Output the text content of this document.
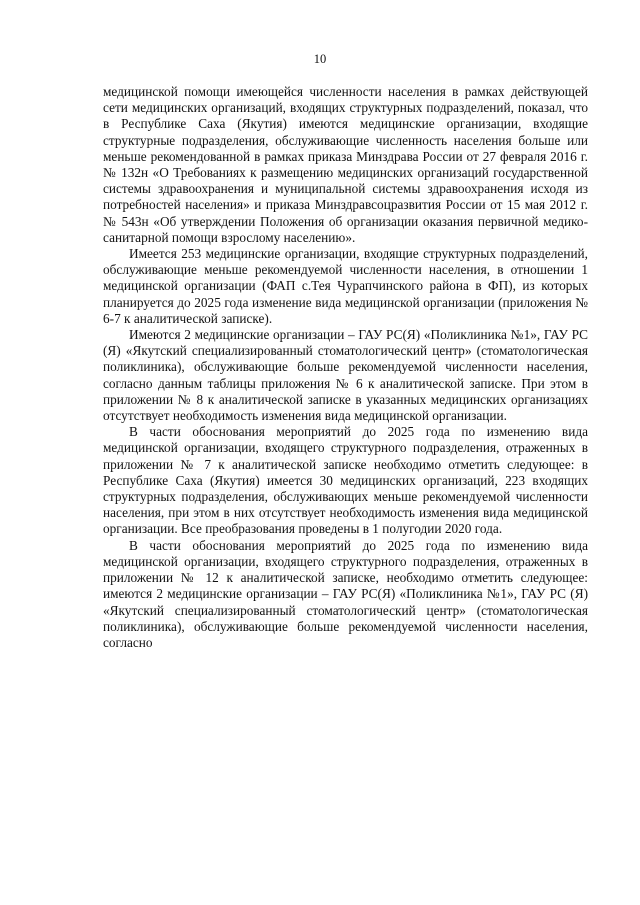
10

медицинской помощи имеющейся численности населения в рамках действующей сети медицинских организаций, входящих структурных подразделений, показал, что в Республике Саха (Якутия) имеются медицинские организации, входящие структурные подразделения, обслуживающие численность населения больше или меньше рекомендованной в рамках приказа Минздрава России от 27 февраля 2016 г. № 132н «О Требованиях к размещению медицинских организаций государственной системы здравоохранения и муниципальной системы здравоохранения исходя из потребностей населения» и приказа Минздравсоцразвития России от 15 мая 2012 г. № 543н «Об утверждении Положения об организации оказания первичной медико-санитарной помощи взрослому населению».

Имеется 253 медицинские организации, входящие структурных подразделений, обслуживающие меньше рекомендуемой численности населения, в отношении 1 медицинской организации (ФАП с.Тея Чурапчинского района в ФП), из которых планируется до 2025 года изменение вида медицинской организации (приложения № 6-7 к аналитической записке).

Имеются 2 медицинские организации – ГАУ РС(Я) «Поликлиника №1», ГАУ РС (Я) «Якутский специализированный стоматологический центр» (стоматологическая поликлиника), обслуживающие больше рекомендуемой численности населения, согласно данным таблицы приложения № 6 к аналитической записке. При этом в приложении № 8 к аналитической записке в указанных медицинских организациях отсутствует необходимость изменения вида медицинской организации.

В части обоснования мероприятий до 2025 года по изменению вида медицинской организации, входящего структурного подразделения, отраженных в приложении № 7 к аналитической записке необходимо отметить следующее: в Республике Саха (Якутия) имеется 30 медицинских организаций, 223 входящих структурных подразделения, обслуживающих меньше рекомендуемой численности населения, при этом в них отсутствует необходимость изменения вида медицинской организации. Все преобразования проведены в 1 полугодии 2020 года.

В части обоснования мероприятий до 2025 года по изменению вида медицинской организации, входящего структурного подразделения, отраженных в приложении № 12 к аналитической записке, необходимо отметить следующее: имеются 2 медицинские организации – ГАУ РС(Я) «Поликлиника №1», ГАУ РС (Я) «Якутский специализированный стоматологический центр» (стоматологическая поликлиника), обслуживающие больше рекомендуемой численности населения, согласно
